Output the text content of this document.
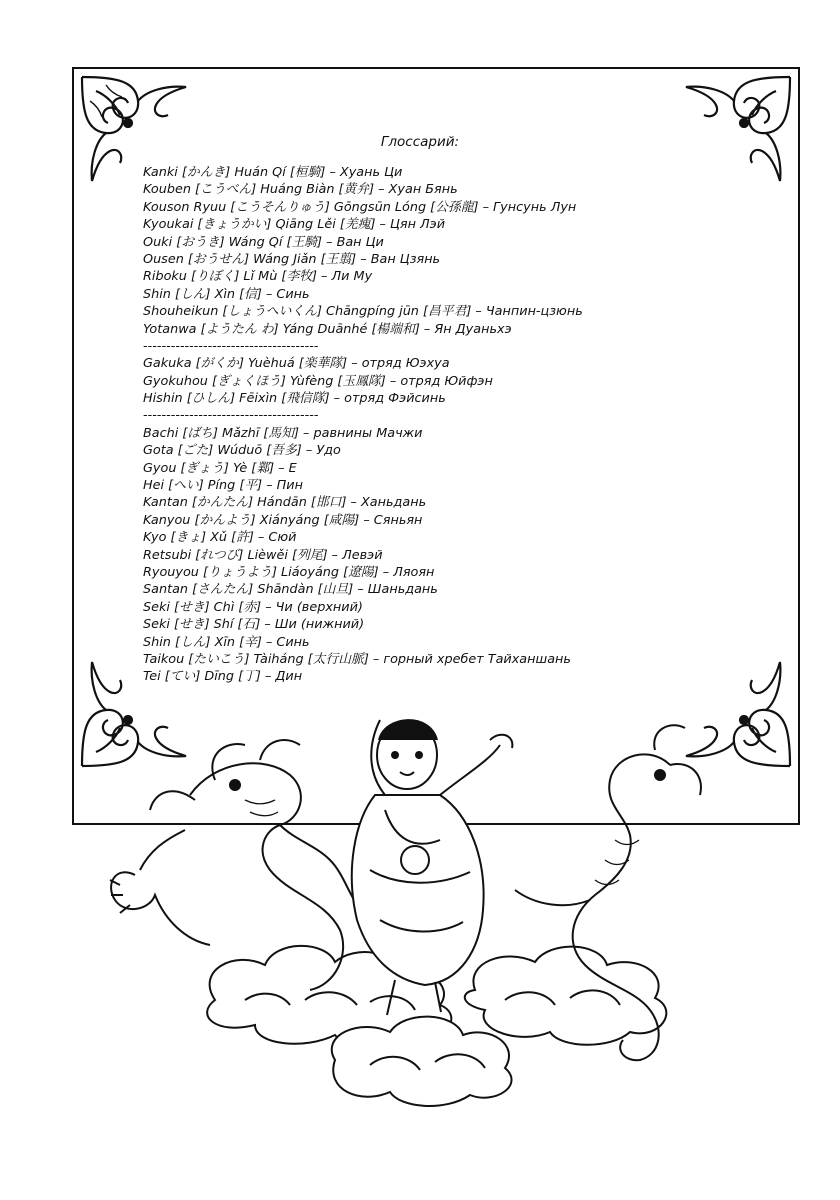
Глоссарий:
Kanki [かんき] Huán Qí [桓騎] – Хуань Ци
Kouben [こうべん] Huáng Biàn [黄弁] – Хуан Бянь
Kouson Ryuu [こうそんりゅう] Gōngsūn Lóng [公孫龍] – Гунсунь Лун
Kyoukai [きょうかい] Qiāng Lěi [羌瘣] – Цян Лэй
Ouki [おうき] Wáng Qí [王騎] – Ван Ци
Ousen [おうせん] Wáng Jiǎn [王翦] – Ван Цзянь
Riboku [りぼく] Lǐ Mù [李牧] – Ли Му
Shin [しん] Xìn [信] – Синь
Shouheikun [しょうへいくん] Chāngpíng jūn [昌平君] – Чанпин-цзюнь
Yotanwa [ようたん わ] Yáng Duānhé [楊端和] – Ян Дуаньхэ
--------------------------------------
Gakuka [がくか] Yuèhuá [楽華隊] – отряд Юэхуа
Gyokuhou [ぎょくほう] Yùfèng [玉鳳隊] – отряд Юйфэн
Hishin [ひしん] Fēixìn [飛信隊] – отряд Фэйсинь
--------------------------------------
Bachi [ばち] Mǎzhī [馬知] – равнины Мачжи
Gota [ごた] Wúduō [吾多] – Удо
Gyou [ぎょう] Yè [鄴] – Е
Hei [へい] Píng [平] – Пин
Kantan [かんたん] Hándān [邯口] – Ханьдань
Kanyou [かんよう] Xiányáng [咸陽] – Сяньян
Kyo [きょ] Xǔ [許] – Сюй
Retsubi [れつび] Lièwěi [列尾] – Левэй
Ryouyou [りょうよう] Liáoyáng [遼陽] – Ляоян
Santan [さんたん] Shāndàn [山旦] – Шаньдань
Seki [せき] Chì [赤] – Чи (верхний)
Seki [せき] Shí [石] – Ши (нижний)
Shin [しん] Xīn [辛] – Синь
Taikou [たいこう] Tàiháng [太行山脈] – горный хребет Тайханшань
Tei [てい] Dīng [丁] – Дин
